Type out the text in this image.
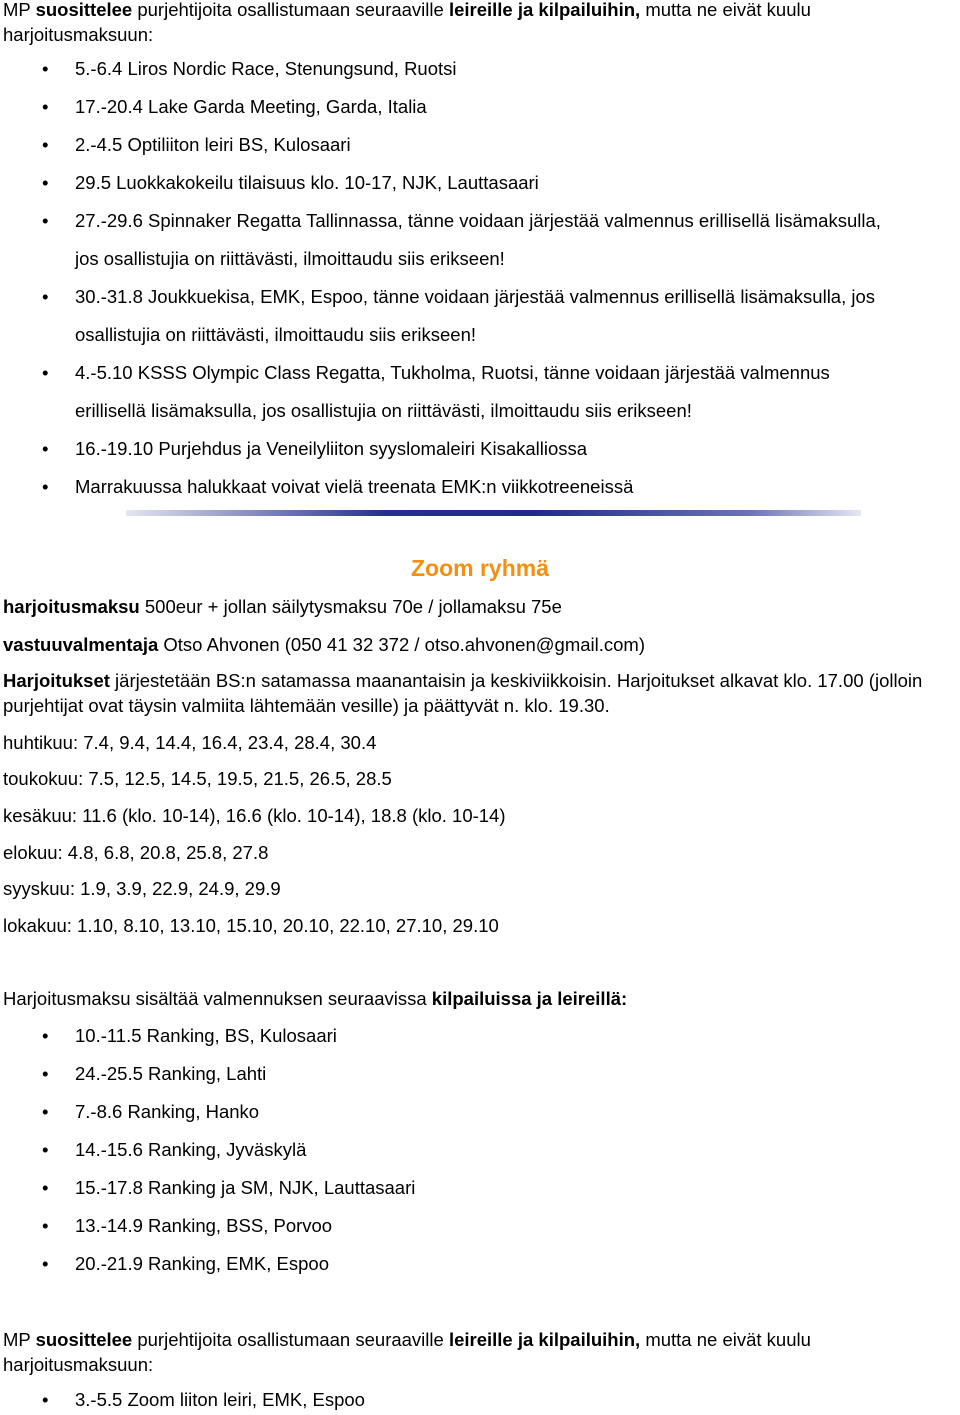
MP suosittelee purjehtijoita osallistumaan seuraaville leireille ja kilpailuihin, mutta ne eivät kuulu harjoitusmaksuun:
• 5.-6.4 Liros Nordic Race, Stenungsund, Ruotsi
• 17.-20.4 Lake Garda Meeting, Garda, Italia
• 2.-4.5 Optiliiton leiri BS, Kulosaari
• 29.5 Luokkakokeilu tilaisuus klo. 10-17, NJK, Lauttasaari
• 27.-29.6 Spinnaker Regatta Tallinnassa, tänne voidaan järjestää valmennus erillisellä lisämaksulla,
jos osallistujia on riittävästi, ilmoittaudu siis erikseen!
• 30.-31.8 Joukkuekisa, EMK, Espoo, tänne voidaan järjestää valmennus erillisellä lisämaksulla, jos
osallistujia on riittävästi, ilmoittaudu siis erikseen!
• 4.-5.10 KSSS Olympic Class Regatta, Tukholma, Ruotsi, tänne voidaan järjestää valmennus
erillisellä lisämaksulla, jos osallistujia on riittävästi, ilmoittaudu siis erikseen!
• 16.-19.10 Purjehdus ja Veneilyliiton syyslomaleiri Kisakalliossa
• Marrakuussa halukkaat voivat vielä treenata EMK:n viikkotreeneissä
Zoom ryhmä
harjoitusmaksu 500eur + jollan säilytysmaksu 70e / jollamaksu 75e
vastuuvalmentaja Otso Ahvonen (050 41 32 372 / otso.ahvonen@gmail.com)
Harjoitukset järjestetään BS:n satamassa maanantaisin ja keskiviikkoisin. Harjoitukset alkavat klo. 17.00 (jolloin purjehtijat ovat täysin valmiita lähtemään vesille) ja päättyvät n. klo. 19.30.
huhtikuu: 7.4, 9.4, 14.4, 16.4, 23.4, 28.4, 30.4
toukokuu: 7.5, 12.5, 14.5, 19.5, 21.5, 26.5, 28.5
kesäkuu: 11.6 (klo. 10-14), 16.6 (klo. 10-14), 18.8 (klo. 10-14)
elokuu: 4.8, 6.8, 20.8, 25.8, 27.8
syyskuu: 1.9, 3.9, 22.9, 24.9, 29.9
lokakuu: 1.10, 8.10, 13.10, 15.10, 20.10, 22.10, 27.10, 29.10
Harjoitusmaksu sisältää valmennuksen seuraavissa kilpailuissa ja leireillä:
• 10.-11.5 Ranking, BS, Kulosaari
• 24.-25.5 Ranking, Lahti
• 7.-8.6 Ranking, Hanko
• 14.-15.6 Ranking, Jyväskylä
• 15.-17.8 Ranking ja SM, NJK, Lauttasaari
• 13.-14.9 Ranking, BSS, Porvoo
• 20.-21.9 Ranking, EMK, Espoo
MP suosittelee purjehtijoita osallistumaan seuraaville leireille ja kilpailuihin, mutta ne eivät kuulu harjoitusmaksuun:
• 3.-5.5 Zoom liiton leiri, EMK, Espoo
